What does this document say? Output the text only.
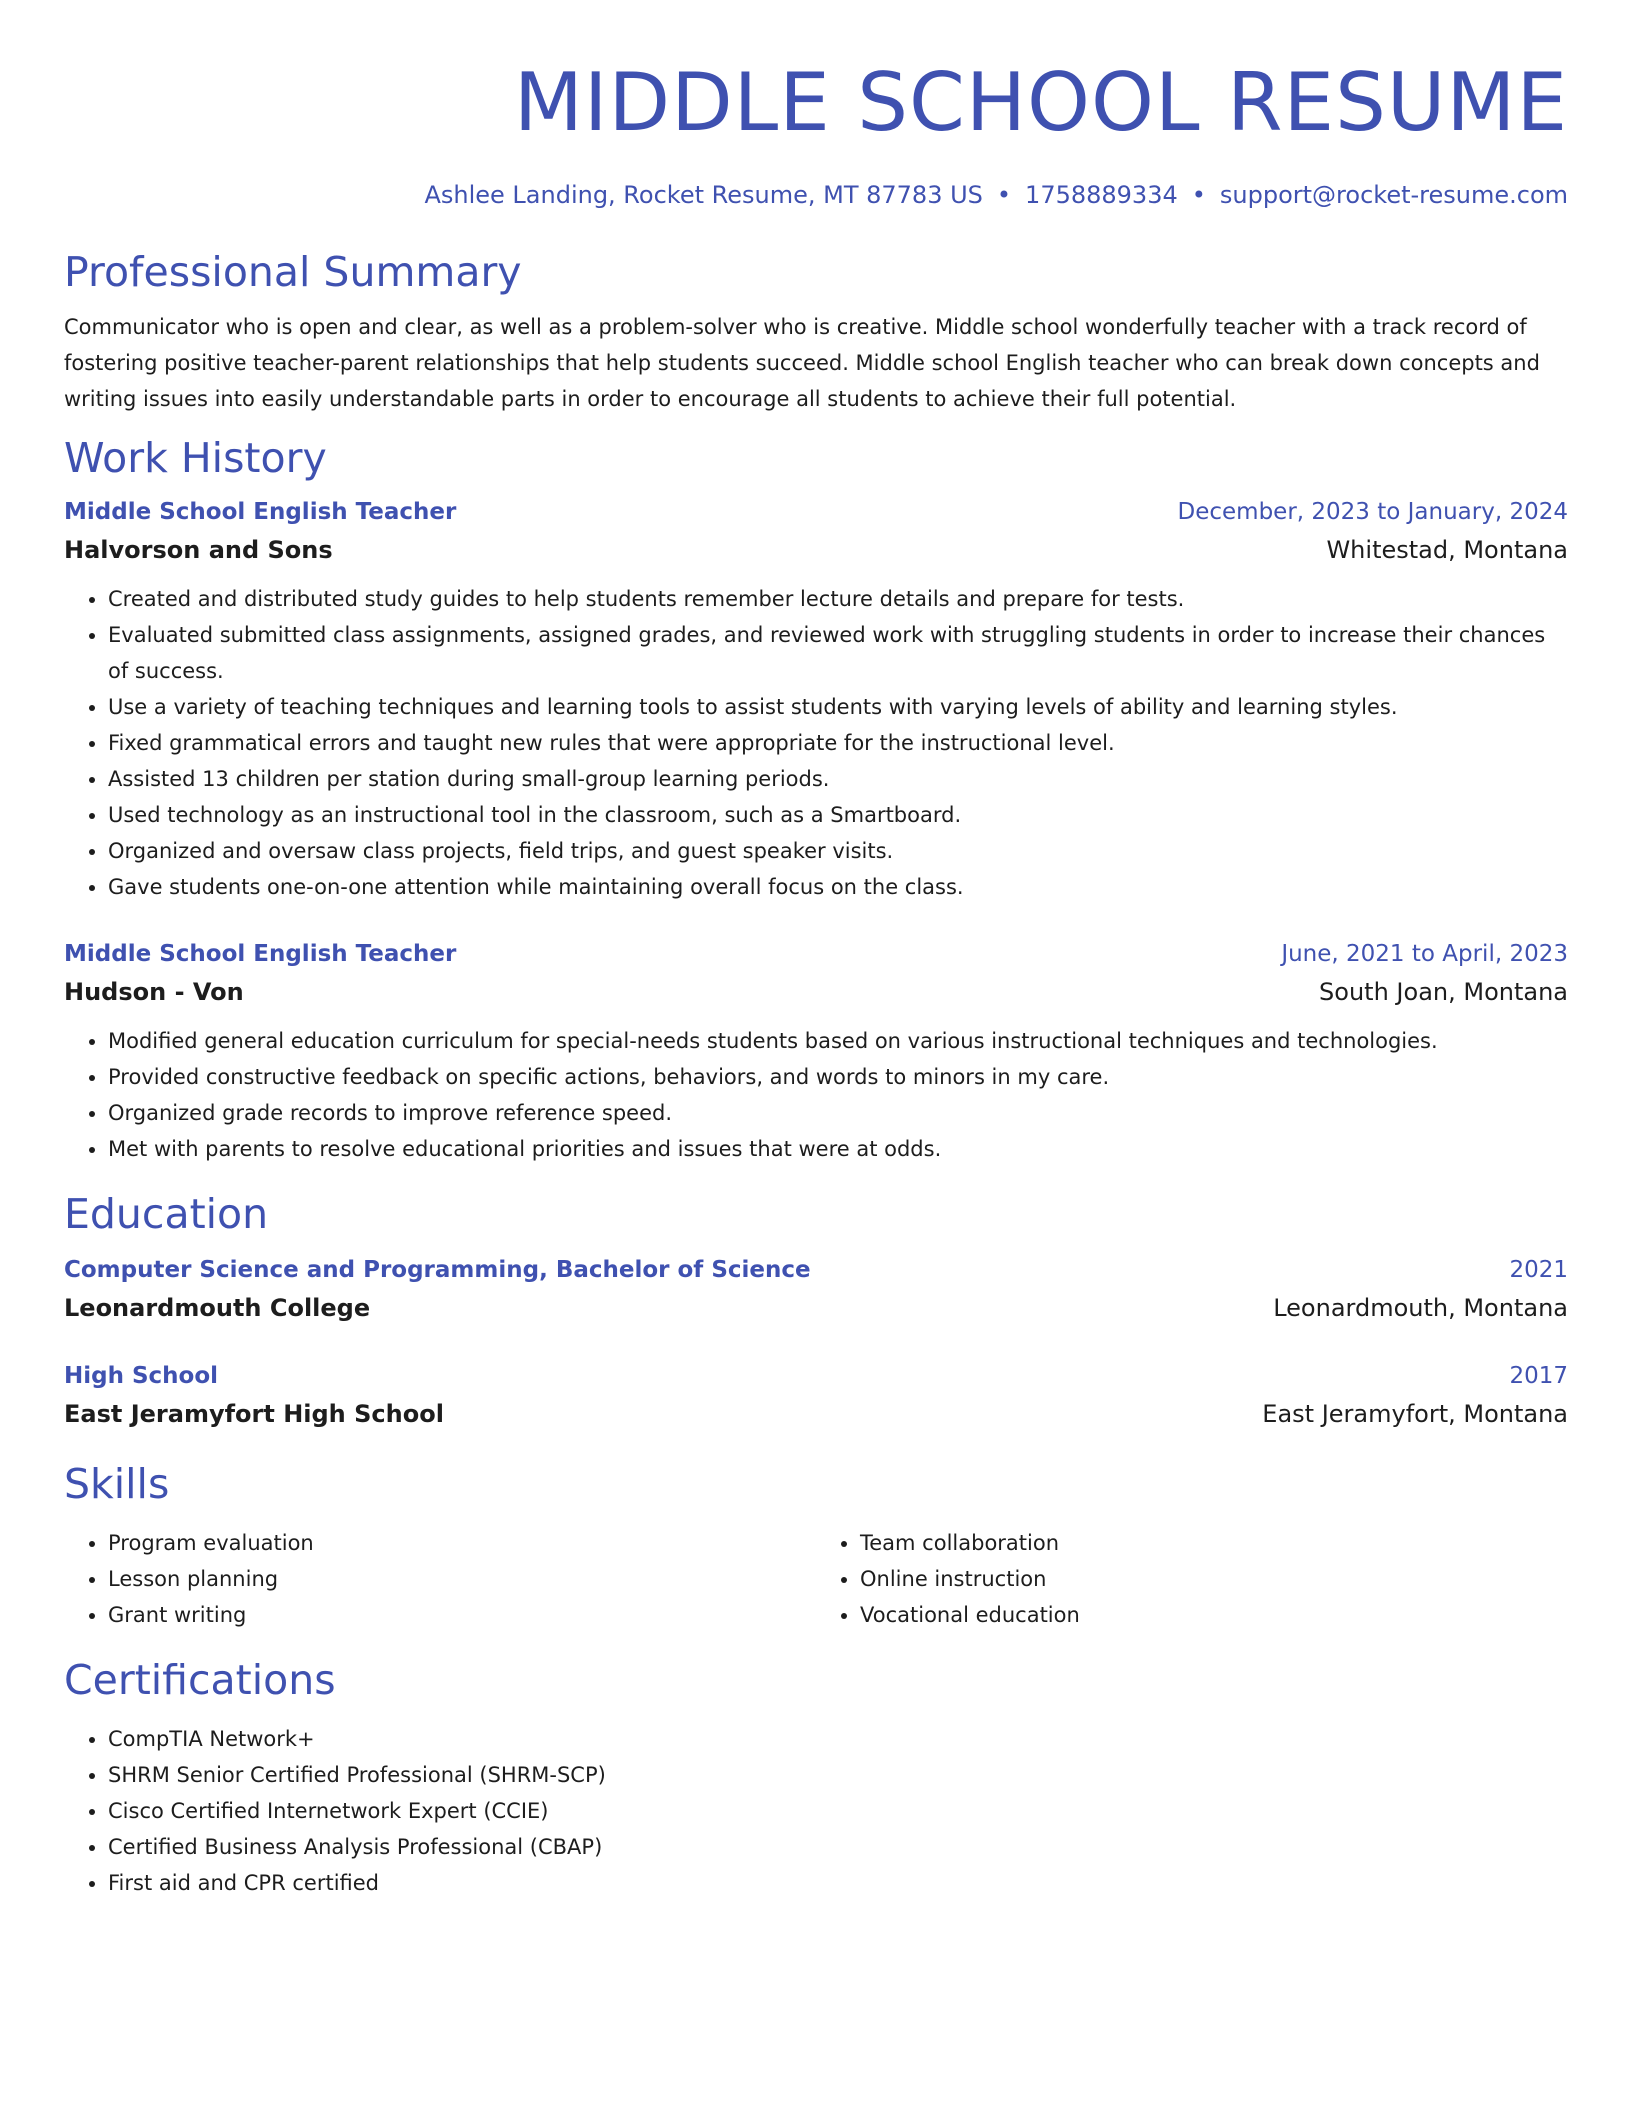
MIDDLE SCHOOL RESUME
Ashlee Landing, Rocket Resume, MT 87783 US • 1758889334 • support@rocket-resume.com
Professional Summary
Communicator who is open and clear, as well as a problem-solver who is creative. Middle school wonderfully teacher with a track record of fostering positive teacher-parent relationships that help students succeed. Middle school English teacher who can break down concepts and writing issues into easily understandable parts in order to encourage all students to achieve their full potential.
Work History
Middle School English Teacher	December, 2023 to January, 2024
Halvorson and Sons	Whitestad, Montana
• Created and distributed study guides to help students remember lecture details and prepare for tests.
• Evaluated submitted class assignments, assigned grades, and reviewed work with struggling students in order to increase their chances of success.
• Use a variety of teaching techniques and learning tools to assist students with varying levels of ability and learning styles.
• Fixed grammatical errors and taught new rules that were appropriate for the instructional level.
• Assisted 13 children per station during small-group learning periods.
• Used technology as an instructional tool in the classroom, such as a Smartboard.
• Organized and oversaw class projects, field trips, and guest speaker visits.
• Gave students one-on-one attention while maintaining overall focus on the class.
Middle School English Teacher	June, 2021 to April, 2023
Hudson - Von	South Joan, Montana
• Modified general education curriculum for special-needs students based on various instructional techniques and technologies.
• Provided constructive feedback on specific actions, behaviors, and words to minors in my care.
• Organized grade records to improve reference speed.
• Met with parents to resolve educational priorities and issues that were at odds.
Education
Computer Science and Programming, Bachelor of Science	2021
Leonardmouth College	Leonardmouth, Montana
High School	2017
East Jeramyfort High School	East Jeramyfort, Montana
Skills
• Program evaluation
• Lesson planning
• Grant writing
• Team collaboration
• Online instruction
• Vocational education
Certifications
• CompTIA Network+
• SHRM Senior Certified Professional (SHRM-SCP)
• Cisco Certified Internetwork Expert (CCIE)
• Certified Business Analysis Professional (CBAP)
• First aid and CPR certified
